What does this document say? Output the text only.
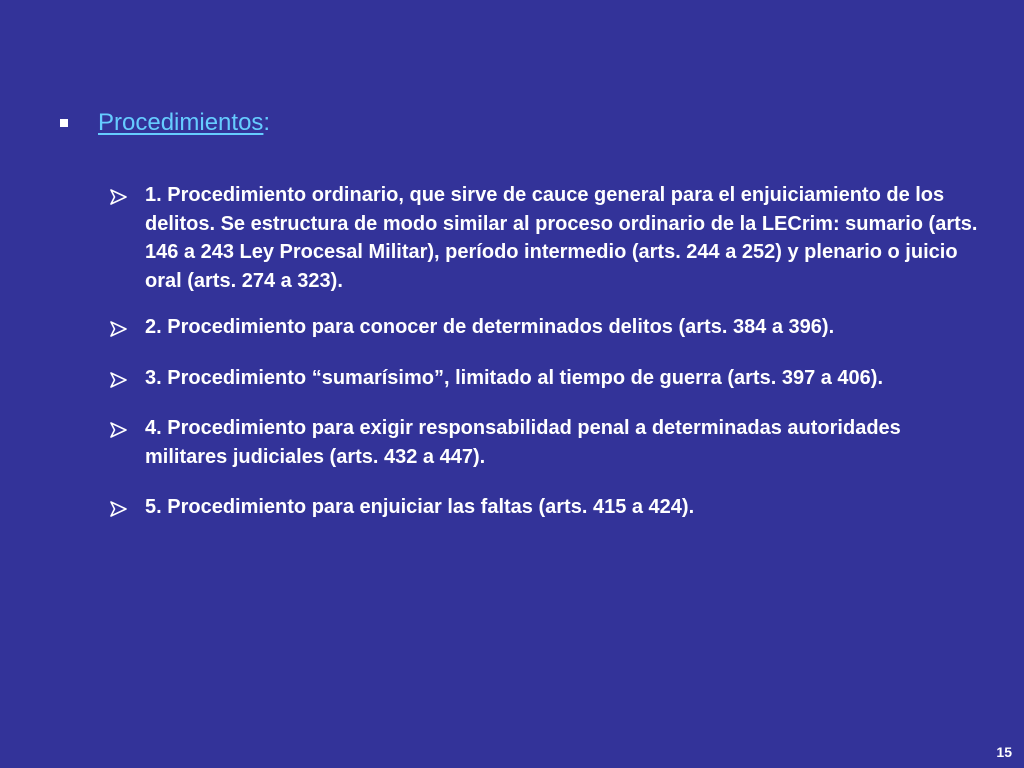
Procedimientos:
1. Procedimiento ordinario, que sirve de cauce general para el enjuiciamiento de los delitos. Se estructura de modo similar al proceso ordinario de la LECrim: sumario (arts. 146 a 243 Ley Procesal Militar), período intermedio (arts. 244 a 252) y plenario o juicio oral (arts. 274 a 323).
2. Procedimiento para conocer de determinados delitos (arts. 384 a 396).
3. Procedimiento “sumarísimo”, limitado al tiempo de guerra (arts. 397 a 406).
4. Procedimiento para exigir responsabilidad penal a determinadas autoridades militares judiciales (arts. 432 a 447).
5. Procedimiento para enjuiciar las faltas (arts. 415 a 424).
15
